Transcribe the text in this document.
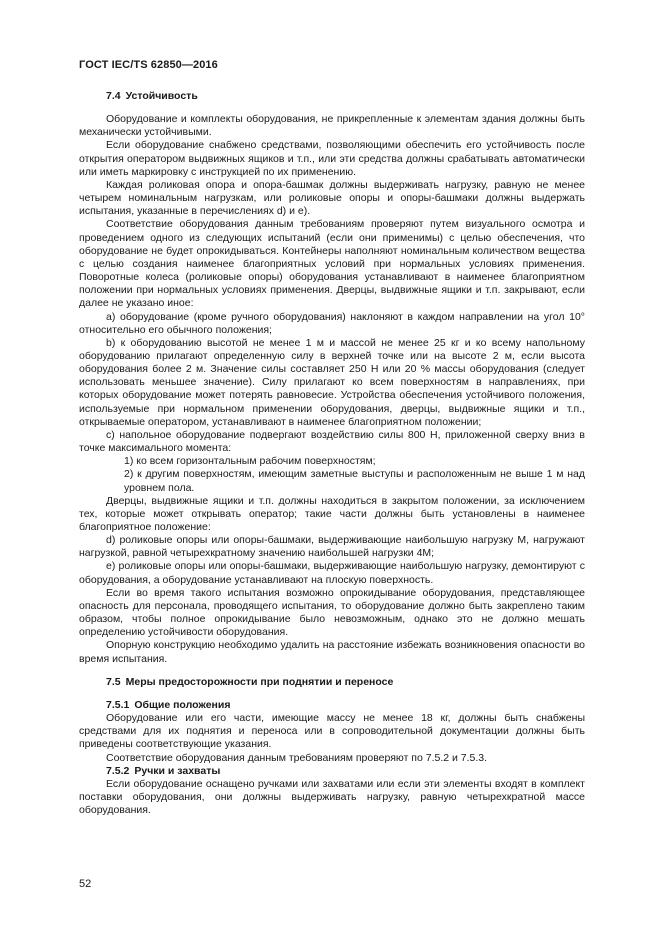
ГОСТ IEC/TS 62850—2016

7.4 Устойчивость

Оборудование и комплекты оборудования, не прикрепленные к элементам здания должны быть механически устойчивыми.

Если оборудование снабжено средствами, позволяющими обеспечить его устойчивость после открытия оператором выдвижных ящиков и т.п., или эти средства должны срабатывать автоматически или иметь маркировку с инструкцией по их применению.

Каждая роликовая опора и опора-башмак должны выдерживать нагрузку, равную не менее четырем номинальным нагрузкам, или роликовые опоры и опоры-башмаки должны выдержать испытания, указанные в перечислениях d) и e).

Соответствие оборудования данным требованиям проверяют путем визуального осмотра и проведением одного из следующих испытаний (если они применимы) с целью обеспечения, что оборудование не будет опрокидываться. Контейнеры наполняют номинальным количеством вещества с целью создания наименее благоприятных условий при нормальных условиях применения. Поворотные колеса (роликовые опоры) оборудования устанавливают в наименее благоприятном положении при нормальных условиях применения. Дверцы, выдвижные ящики и т.п. закрывают, если далее не указано иное:

а) оборудование (кроме ручного оборудования) наклоняют в каждом направлении на угол 10° относительно его обычного положения;

b) к оборудованию высотой не менее 1 м и массой не менее 25 кг и ко всему напольному оборудованию прилагают определенную силу в верхней точке или на высоте 2 м, если высота оборудования более 2 м. Значение силы составляет 250 Н или 20 % массы оборудования (следует использовать меньшее значение). Силу прилагают ко всем поверхностям в направлениях, при которых оборудование может потерять равновесие. Устройства обеспечения устойчивого положения, используемые при нормальном применении оборудования, дверцы, выдвижные ящики и т.п., открываемые оператором, устанавливают в наименее благоприятном положении;

c) напольное оборудование подвергают воздействию силы 800 Н, приложенной сверху вниз в точке максимального момента:

1) ко всем горизонтальным рабочим поверхностям;

2) к другим поверхностям, имеющим заметные выступы и расположенным не выше 1 м над уровнем пола.

Дверцы, выдвижные ящики и т.п. должны находиться в закрытом положении, за исключением тех, которые может открывать оператор; такие части должны быть установлены в наименее благоприятное положение:

d) роликовые опоры или опоры-башмаки, выдерживающие наибольшую нагрузку M, нагружают нагрузкой, равной четырехкратному значению наибольшей нагрузки 4M;

e) роликовые опоры или опоры-башмаки, выдерживающие наибольшую нагрузку, демонтируют с оборудования, а оборудование устанавливают на плоскую поверхность.

Если во время такого испытания возможно опрокидывание оборудования, представляющее опасность для персонала, проводящего испытания, то оборудование должно быть закреплено таким образом, чтобы полное опрокидывание было невозможным, однако это не должно мешать определению устойчивости оборудования.

Опорную конструкцию необходимо удалить на расстояние избежать возникновения опасности во время испытания.

7.5 Меры предосторожности при поднятии и переносе

7.5.1 Общие положения

Оборудование или его части, имеющие массу не менее 18 кг, должны быть снабжены средствами для их поднятия и переноса или в сопроводительной документации должны быть приведены соответствующие указания.

Соответствие оборудования данным требованиям проверяют по 7.5.2 и 7.5.3.

7.5.2 Ручки и захваты

Если оборудование оснащено ручками или захватами или если эти элементы входят в комплект поставки оборудования, они должны выдерживать нагрузку, равную четырехкратной массе оборудования.

52
